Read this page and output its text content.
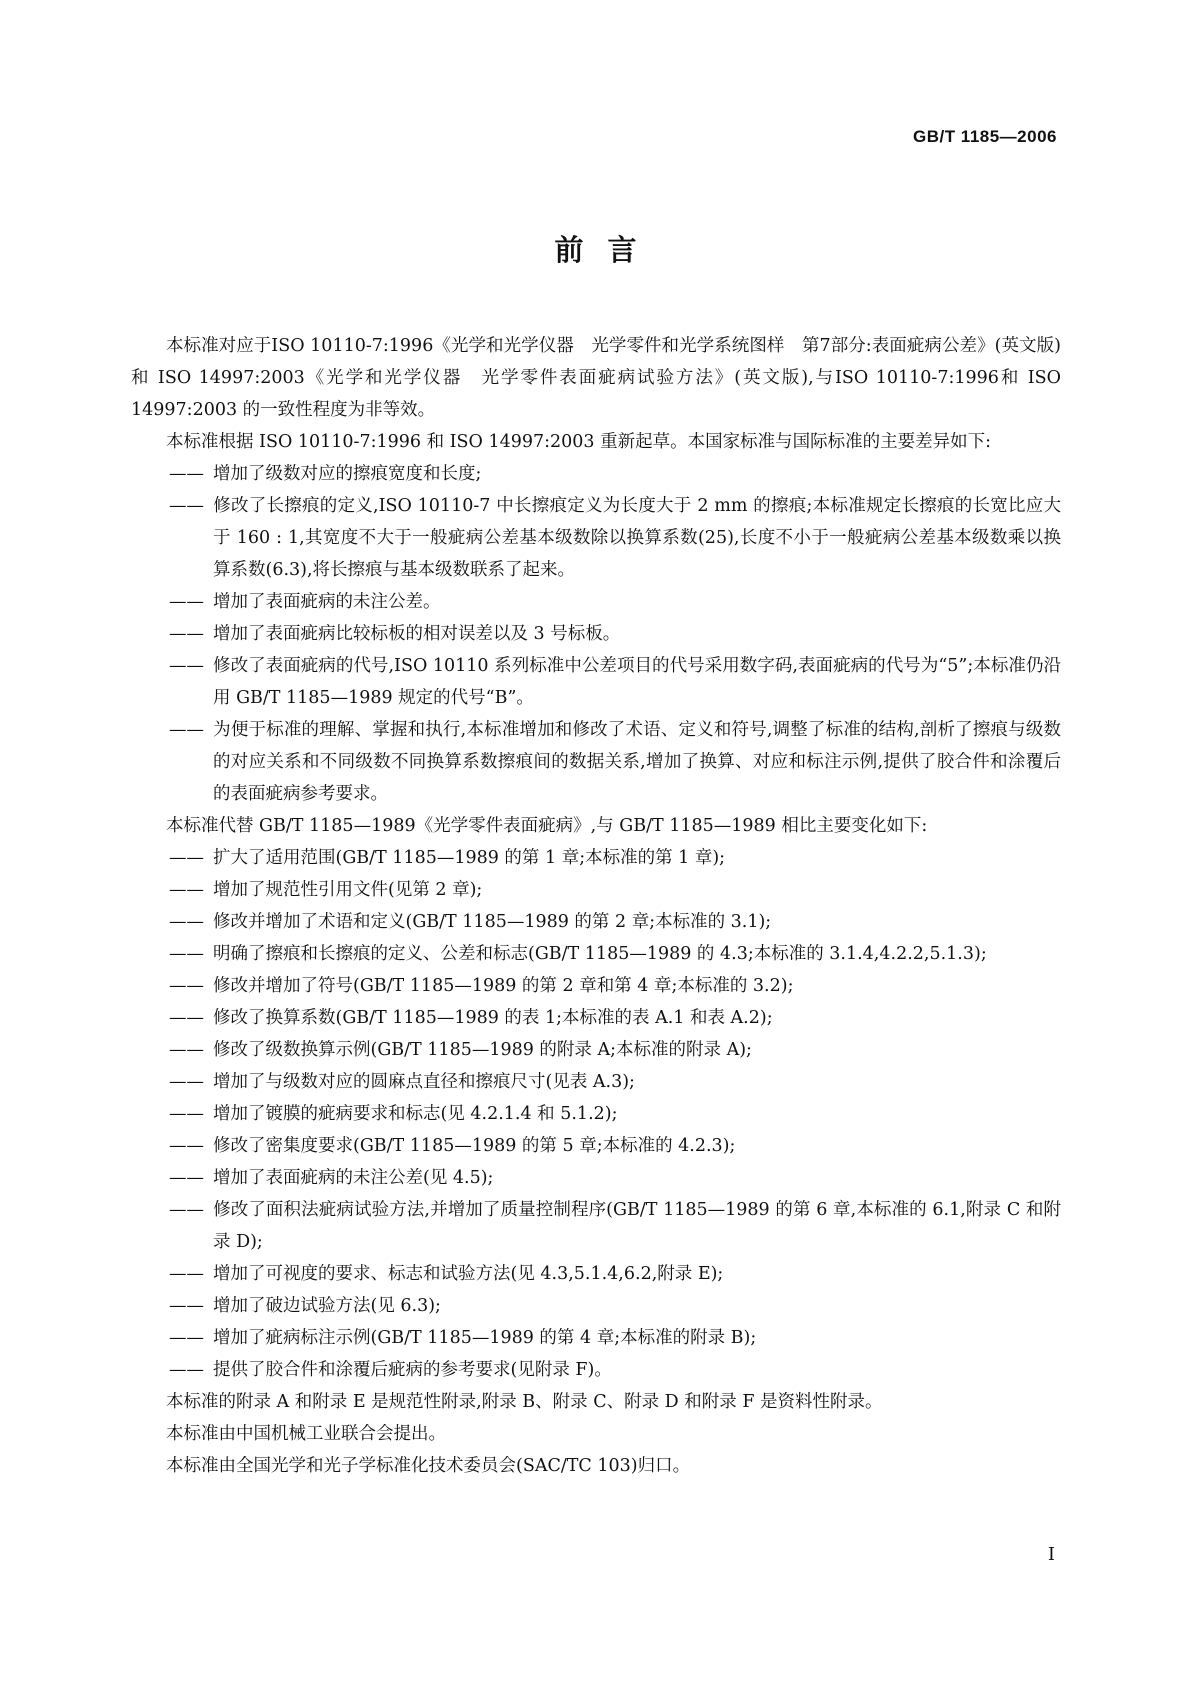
GB/T 1185—2006
前言

本标准对应于ISO 10110-7:1996《光学和光学仪器　光学零件和光学系统图样　第7部分:表面疵病公差》(英文版)和 ISO 14997:2003《光学和光学仪器　光学零件表面疵病试验方法》(英文版),与ISO 10110-7:1996和 ISO 14997:2003 的一致性程度为非等效。

本标准根据 ISO 10110-7:1996 和 ISO 14997:2003 重新起草。本国家标准与国际标准的主要差异如下:

—— 增加了级数对应的擦痕宽度和长度;

—— 修改了长擦痕的定义,ISO 10110-7 中长擦痕定义为长度大于 2 mm 的擦痕;本标准规定长擦痕的长宽比应大于 160 : 1,其宽度不大于一般疵病公差基本级数除以换算系数(25),长度不小于一般疵病公差基本级数乘以换算系数(6.3),将长擦痕与基本级数联系了起来。

—— 增加了表面疵病的未注公差。

—— 增加了表面疵病比较标板的相对误差以及 3 号标板。

—— 修改了表面疵病的代号,ISO 10110 系列标准中公差项目的代号采用数字码,表面疵病的代号为“5”;本标准仍沿用 GB/T 1185—1989 规定的代号“B”。

—— 为便于标准的理解、掌握和执行,本标准增加和修改了术语、定义和符号,调整了标准的结构,剖析了擦痕与级数的对应关系和不同级数不同换算系数擦痕间的数据关系,增加了换算、对应和标注示例,提供了胶合件和涂覆后的表面疵病参考要求。

本标准代替 GB/T 1185—1989《光学零件表面疵病》,与 GB/T 1185—1989 相比主要变化如下:

—— 扩大了适用范围(GB/T 1185—1989 的第 1 章;本标准的第 1 章);

—— 增加了规范性引用文件(见第 2 章);

—— 修改并增加了术语和定义(GB/T 1185—1989 的第 2 章;本标准的 3.1);

—— 明确了擦痕和长擦痕的定义、公差和标志(GB/T 1185—1989 的 4.3;本标准的 3.1.4,4.2.2,5.1.3);

—— 修改并增加了符号(GB/T 1185—1989 的第 2 章和第 4 章;本标准的 3.2);

—— 修改了换算系数(GB/T 1185—1989 的表 1;本标准的表 A.1 和表 A.2);

—— 修改了级数换算示例(GB/T 1185—1989 的附录 A;本标准的附录 A);

—— 增加了与级数对应的圆麻点直径和擦痕尺寸(见表 A.3);

—— 增加了镀膜的疵病要求和标志(见 4.2.1.4 和 5.1.2);

—— 修改了密集度要求(GB/T 1185—1989 的第 5 章;本标准的 4.2.3);

—— 增加了表面疵病的未注公差(见 4.5);

—— 修改了面积法疵病试验方法,并增加了质量控制程序(GB/T 1185—1989 的第 6 章,本标准的 6.1,附录 C 和附录 D);

—— 增加了可视度的要求、标志和试验方法(见 4.3,5.1.4,6.2,附录 E);

—— 增加了破边试验方法(见 6.3);

—— 增加了疵病标注示例(GB/T 1185—1989 的第 4 章;本标准的附录 B);

—— 提供了胶合件和涂覆后疵病的参考要求(见附录 F)。

本标准的附录 A 和附录 E 是规范性附录,附录 B、附录 C、附录 D 和附录 F 是资料性附录。

本标准由中国机械工业联合会提出。

本标准由全国光学和光子学标准化技术委员会(SAC/TC 103)归口。

Ⅰ
